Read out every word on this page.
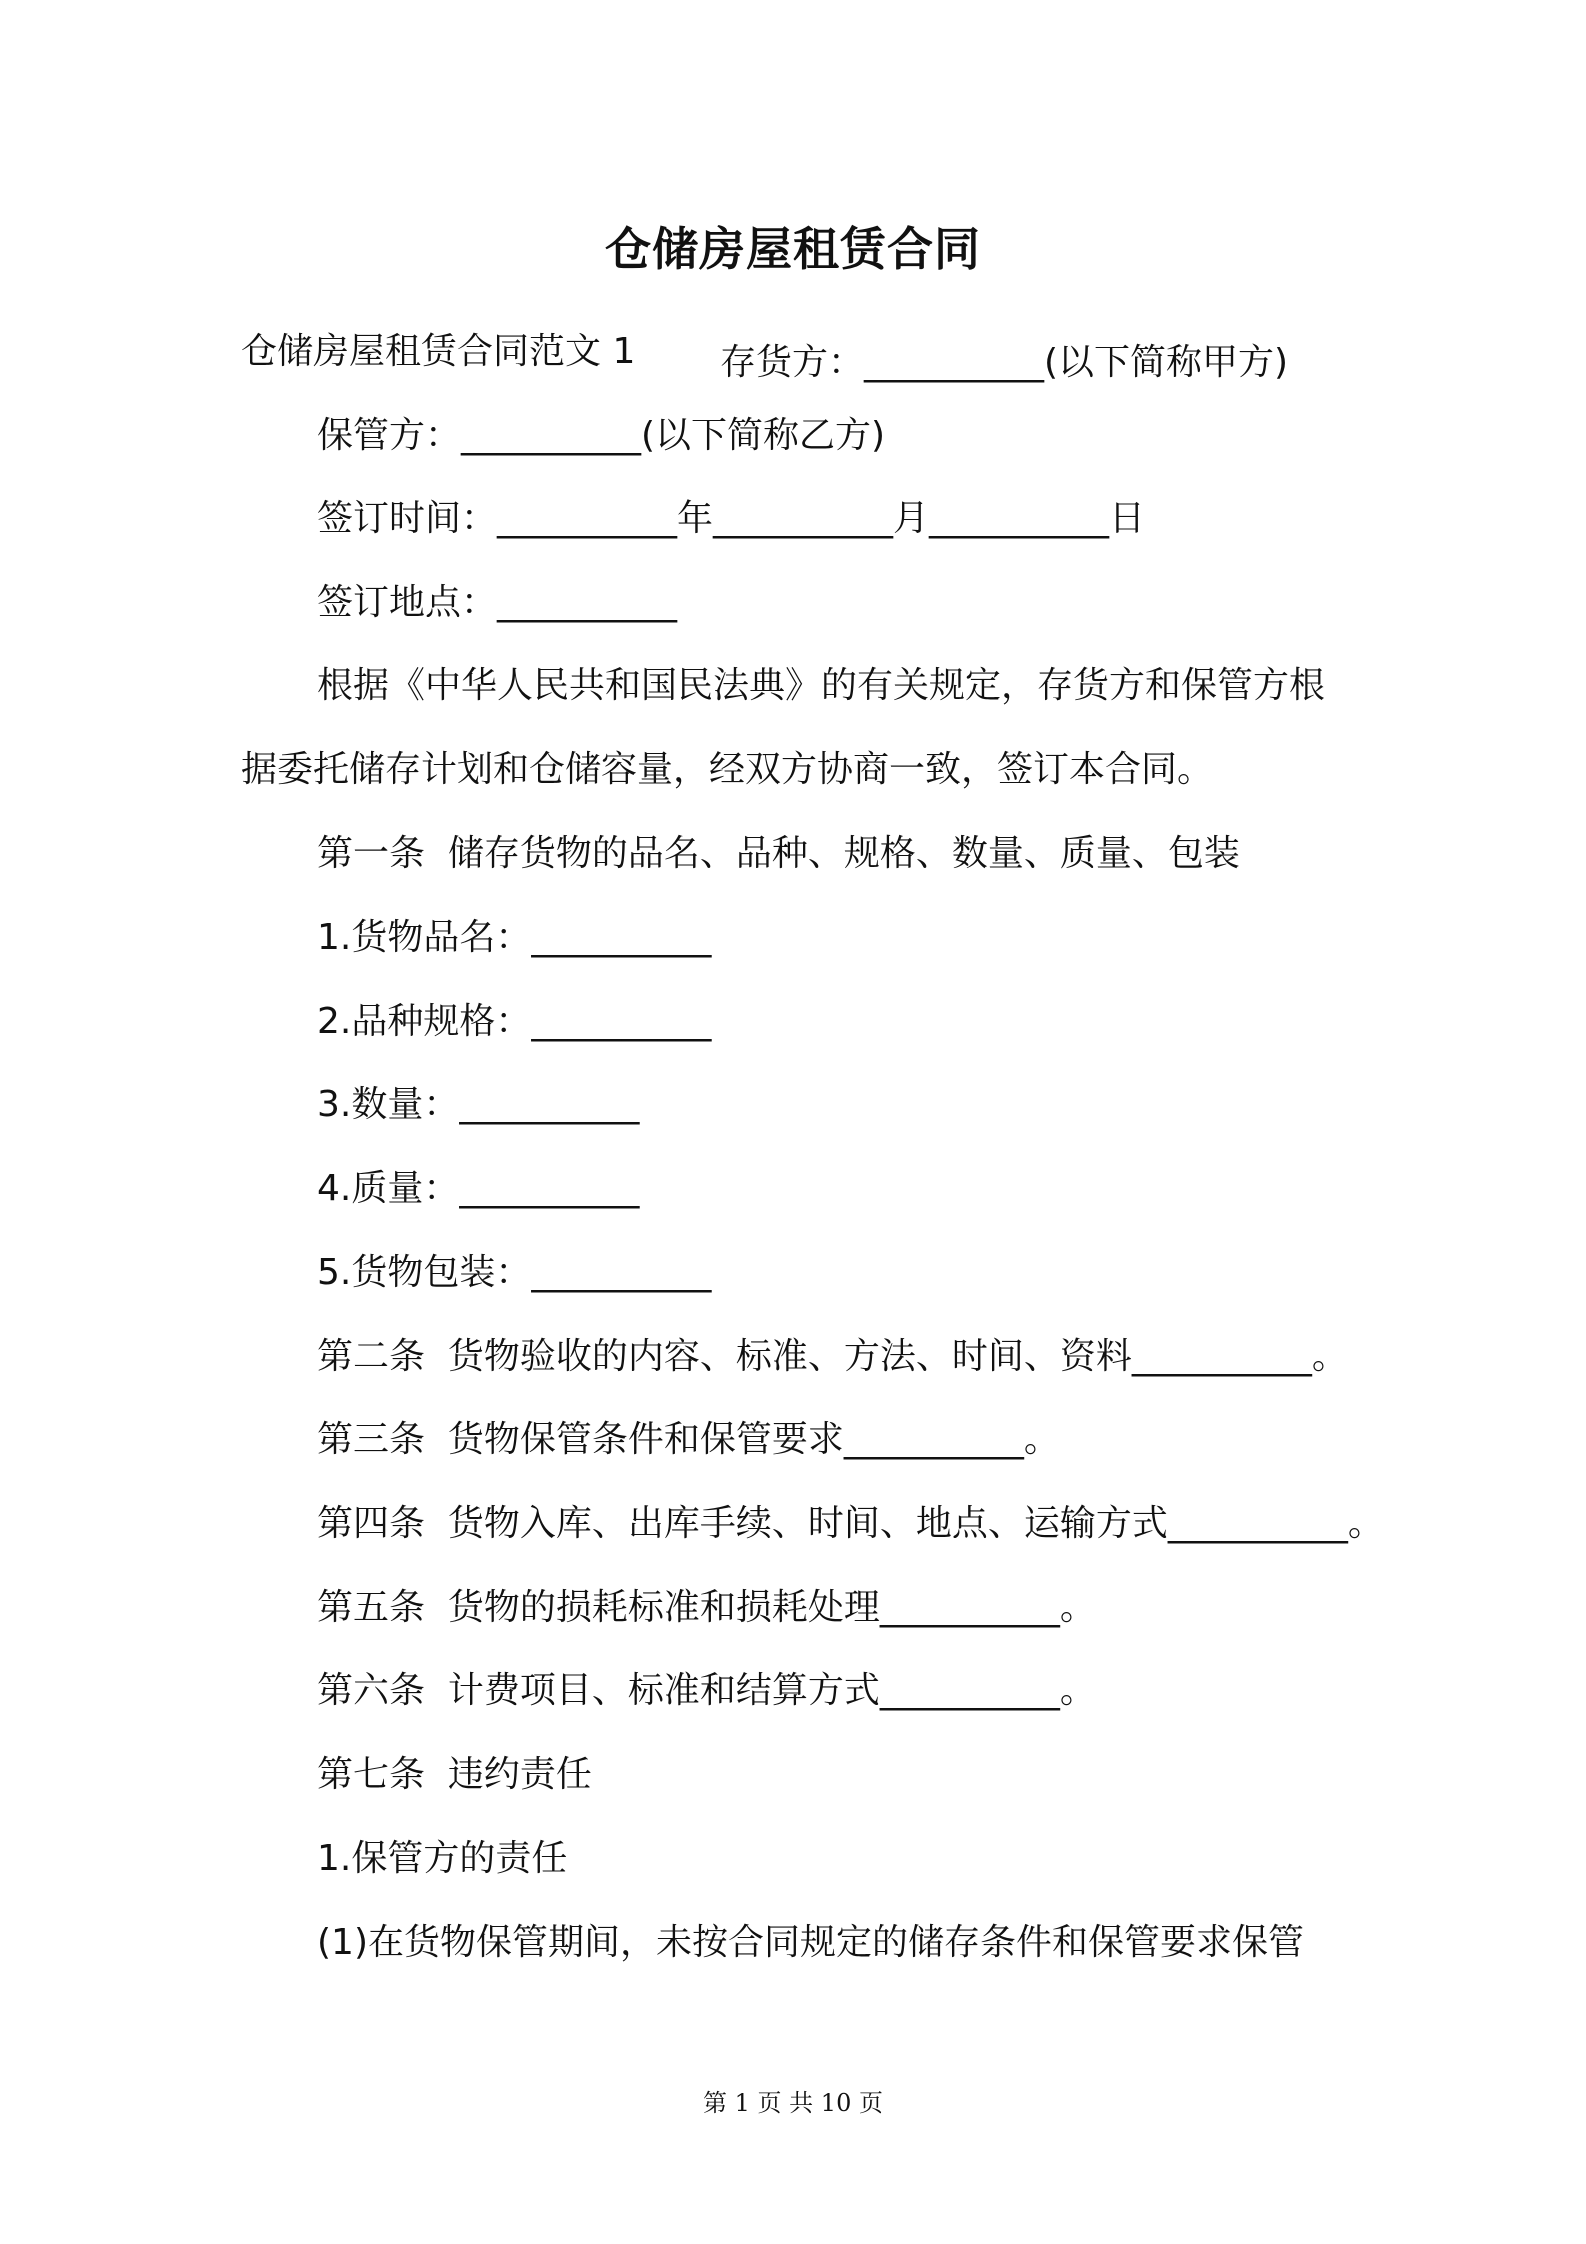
仓储房屋租赁合同
仓储房屋租赁合同范文 1 存货方：__________(以下简称甲方)
保管方：__________(以下简称乙方)
签订时间：__________年__________月__________日
签订地点：__________
根据《中华人民共和国民法典》的有关规定，存货方和保管方根
据委托储存计划和仓储容量，经双方协商一致，签订本合同。
第一条  储存货物的品名、品种、规格、数量、质量、包装
1.货物品名：__________
2.品种规格：__________
3.数量：__________
4.质量：__________
5.货物包装：__________
第二条  货物验收的内容、标准、方法、时间、资料__________。
第三条  货物保管条件和保管要求__________。
第四条  货物入库、出库手续、时间、地点、运输方式__________。
第五条  货物的损耗标准和损耗处理__________。
第六条  计费项目、标准和结算方式__________。
第七条  违约责任
1.保管方的责任
(1)在货物保管期间，未按合同规定的储存条件和保管要求保管
第 1 页 共 10 页
